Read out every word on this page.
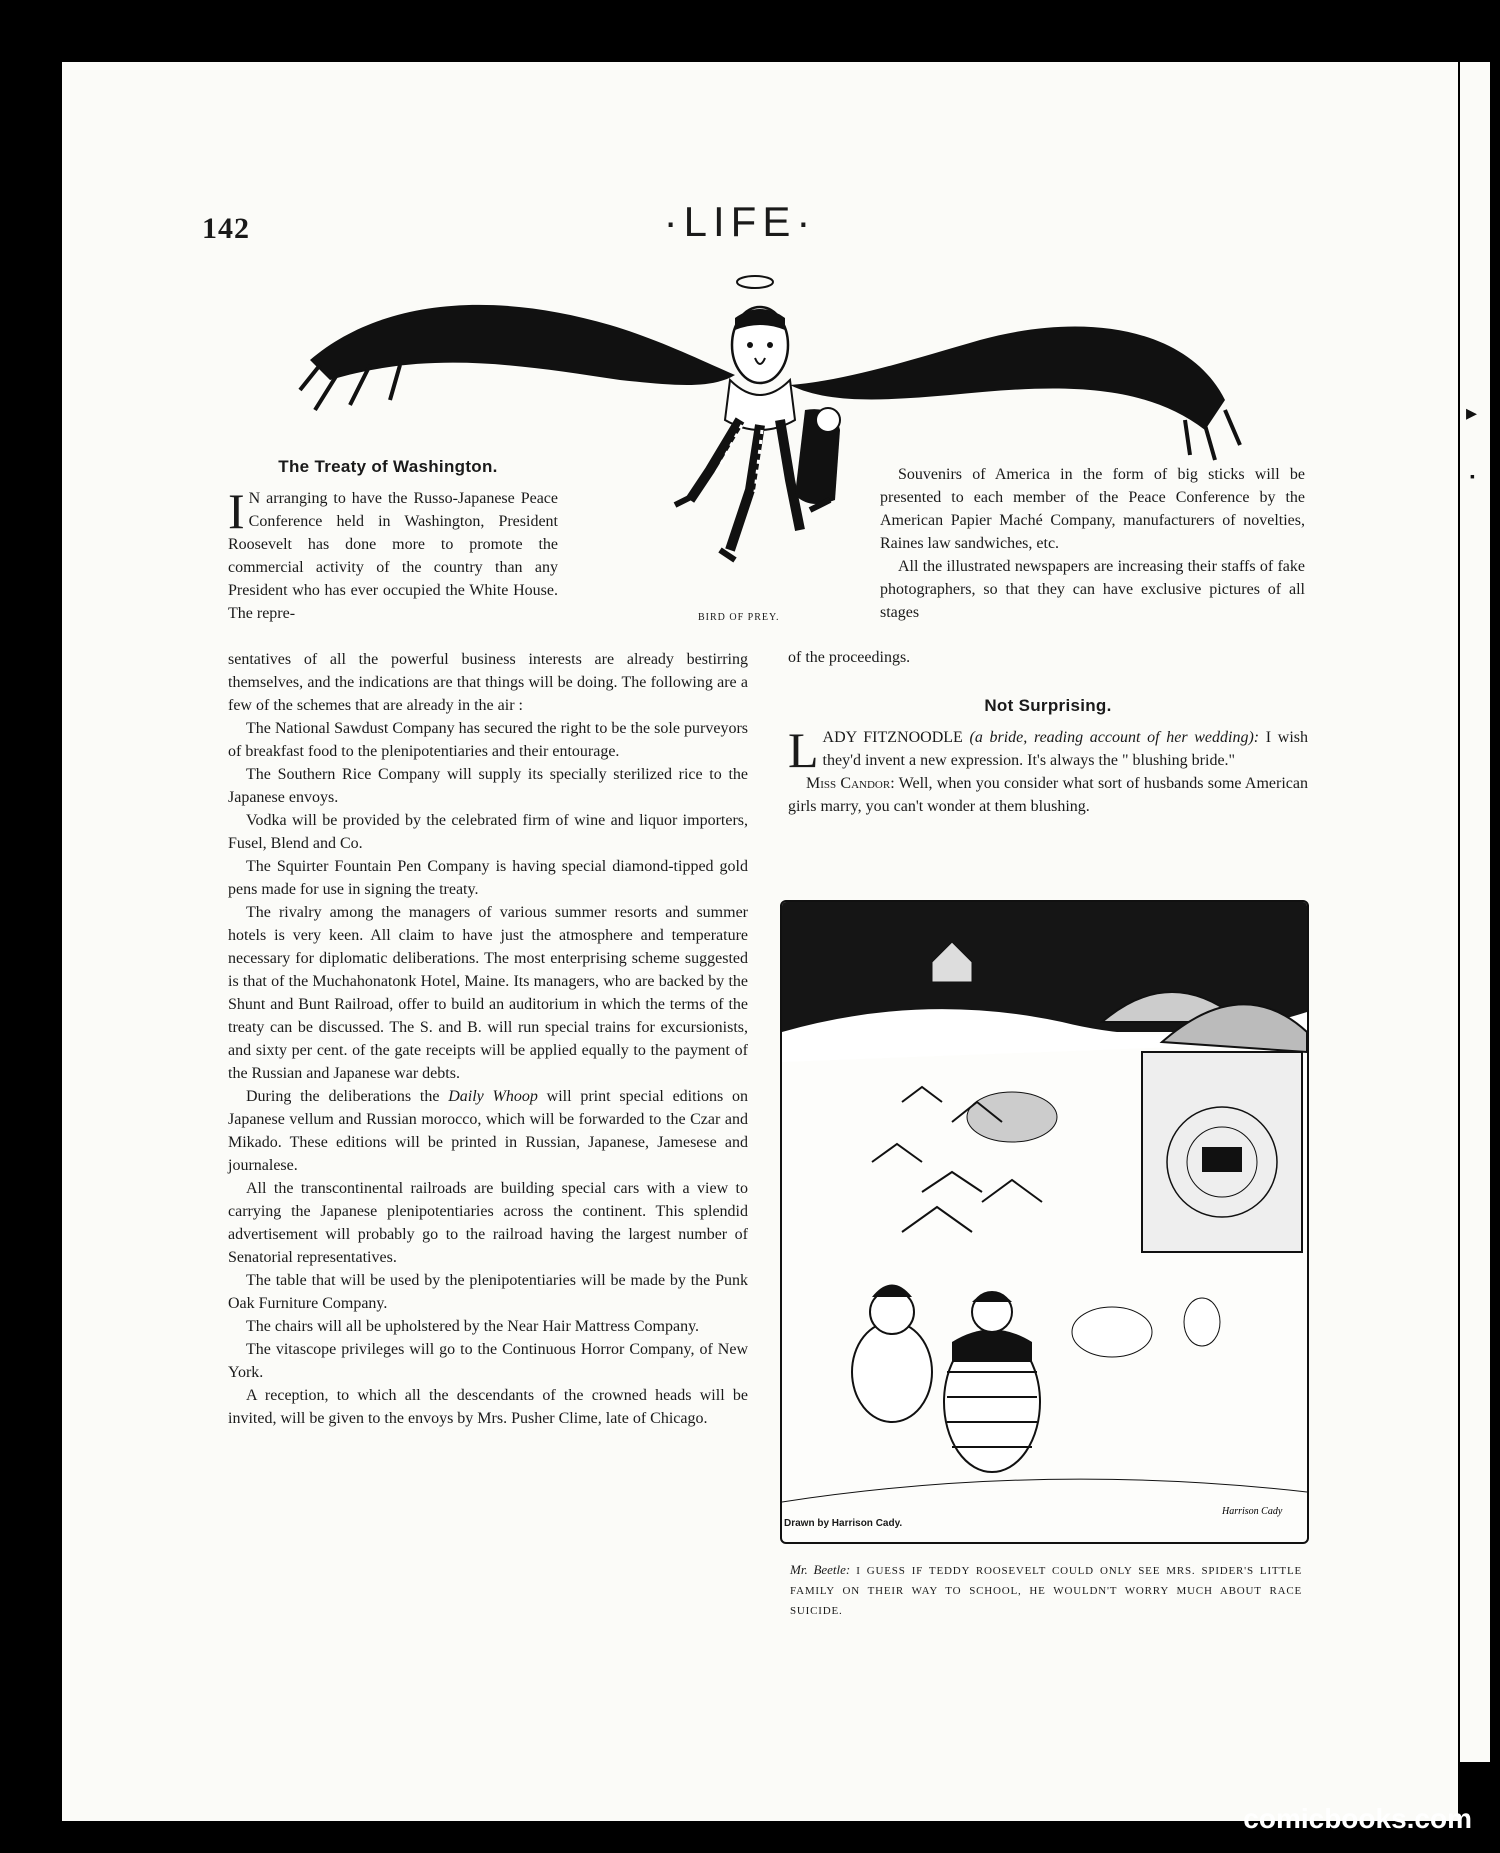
▸
▪
142	·LIFE·
BIRD OF PREY.
The Treaty of Washington.

I N arranging to have the Russo-Japanese Peace Conference held in Washington, President Roosevelt has done more to promote the commercial activity of the country than any President who has ever occupied the White House. The repre-

sentatives of all the powerful business interests are already bestirring themselves, and the indications are that things will be doing. The following are a few of the schemes that are already in the air :

The National Sawdust Company has secured the right to be the sole purveyors of breakfast food to the plenipotentiaries and their entourage.

The Southern Rice Company will supply its specially sterilized rice to the Japanese envoys.

Vodka will be provided by the celebrated firm of wine and liquor importers, Fusel, Blend and Co.

The Squirter Fountain Pen Company is having special diamond-tipped gold pens made for use in signing the treaty.

The rivalry among the managers of various summer resorts and summer hotels is very keen. All claim to have just the atmosphere and temperature necessary for diplomatic deliberations. The most enterprising scheme suggested is that of the Muchahonatonk Hotel, Maine. Its managers, who are backed by the Shunt and Bunt Railroad, offer to build an auditorium in which the terms of the treaty can be discussed. The S. and B. will run special trains for excursionists, and sixty per cent. of the gate receipts will be applied equally to the payment of the Russian and Japanese war debts.

During the deliberations the Daily Whoop will print special editions on Japanese vellum and Russian morocco, which will be forwarded to the Czar and Mikado. These editions will be printed in Russian, Japanese, Jamesese and journalese.

All the transcontinental railroads are building special cars with a view to carrying the Japanese plenipotentiaries across the continent. This splendid advertisement will probably go to the railroad having the largest number of Senatorial representatives.

The table that will be used by the plenipotentiaries will be made by the Punk Oak Furniture Company.

The chairs will all be upholstered by the Near Hair Mattress Company.

The vitascope privileges will go to the Continuous Horror Company, of New York.

A reception, to which all the descendants of the crowned heads will be invited, will be given to the envoys by Mrs. Pusher Clime, late of Chicago.

Souvenirs of America in the form of big sticks will be presented to each member of the Peace Conference by the American Papier Maché Company, manufacturers of novelties, Raines law sandwiches, etc.

All the illustrated newspapers are increasing their staffs of fake photographers, so that they can have exclusive pictures of all stages

of the proceedings.

Not Surprising.

LADY FITZNOODLE (a bride, reading account of her wedding): I wish they'd invent a new expression. It's always the " blushing bride."

Miss Candor: Well, when you consider what sort of husbands some American girls marry, you can't wonder at them blushing.

Harrison Cady
Drawn by Harrison Cady.
Mr. Beetle: I GUESS IF TEDDY ROOSEVELT COULD ONLY SEE MRS. SPIDER'S LITTLE FAMILY ON THEIR WAY TO SCHOOL, HE WOULDN'T WORRY MUCH ABOUT RACE SUICIDE.
comicbooks.com
